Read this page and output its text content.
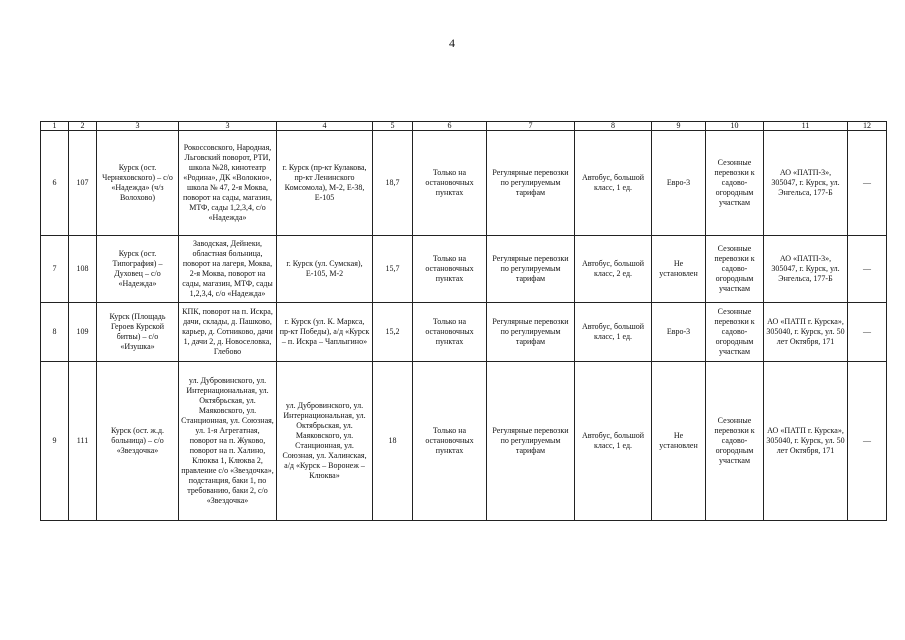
4
1	2	3	3	4	5	6	7	8	9	10	11	12
6	107	Курск (ост. Черняховского) – с/о «Надежда» (ч/з Волохово)	Рокоссовского, Народная, Льговский поворот, РТИ, школа №28, кинотеатр «Родина», ДК «Волокно», школа № 47, 2-я Моква, поворот на сады, магазин, МТФ, сады 1,2,3,4, с/о «Надежда»	г. Курск (пр-кт Кулакова, пр-кт Ленинского Комсомола), М-2, Е-38, Е-105	18,7	Только на остановочных пунктах	Регулярные перевозки по регулируемым тарифам	Автобус, большой класс, 1 ед.	Евро-3	Сезонные перевозки к садово-огородным участкам	АО «ПАТП-3», 305047, г. Курск, ул. Энгельса, 177-Б	—
7	108	Курск (ост. Типография) – Духовец – с/о «Надежда»	Заводская, Дейнеки, областная больница, поворот на лагеря, Моква, 2-я Моква, поворот на сады, магазин, МТФ, сады 1,2,3,4, с/о «Надежда»	г. Курск (ул. Сумская), Е-105, М-2	15,7	Только на остановочных пунктах	Регулярные перевозки по регулируемым тарифам	Автобус, большой класс, 2 ед.	Не установлен	Сезонные перевозки к садово-огородным участкам	АО «ПАТП-3», 305047, г. Курск, ул. Энгельса, 177-Б	—
8	109	Курск (Площадь Героев Курской битвы) – с/о «Изушка»	КПК, поворот на п. Искра, дачи, склады, д. Пашково, карьер, д. Сотниково, дачи 1, дачи 2, д. Новоселовка, Глебово	г. Курск (ул. К. Маркса, пр-кт Победы), а/д «Курск – п. Искра – Чаплыгино»	15,2	Только на остановочных пунктах	Регулярные перевозки по регулируемым тарифам	Автобус, большой класс, 1 ед.	Евро-3	Сезонные перевозки к садово-огородным участкам	АО «ПАТП г. Курска», 305040, г. Курск, ул. 50 лет Октября, 171	—
9	111	Курск (ост. ж.д. больница) – с/о «Звездочка»	ул. Дубровинского, ул. Интернациональная, ул. Октябрьская, ул. Маяковского, ул. Станционная, ул. Союзная, ул. 1-я Агрегатная, поворот на п. Жуково, поворот на п. Халино, Клюква 1, Клюква 2, правление с/о «Звездочка», подстанция, баки 1, по требованию, баки 2, с/о «Звездочка»	ул. Дубровинского, ул. Интернациональная, ул. Октябрьская, ул. Маяковского, ул. Станционная, ул. Союзная, ул. Халинская, а/д «Курск – Воронеж – Клюква»	18	Только на остановочных пунктах	Регулярные перевозки по регулируемым тарифам	Автобус, большой класс, 1 ед.	Не установлен	Сезонные перевозки к садово-огородным участкам	АО «ПАТП г. Курска», 305040, г. Курск, ул. 50 лет Октября, 171	—
